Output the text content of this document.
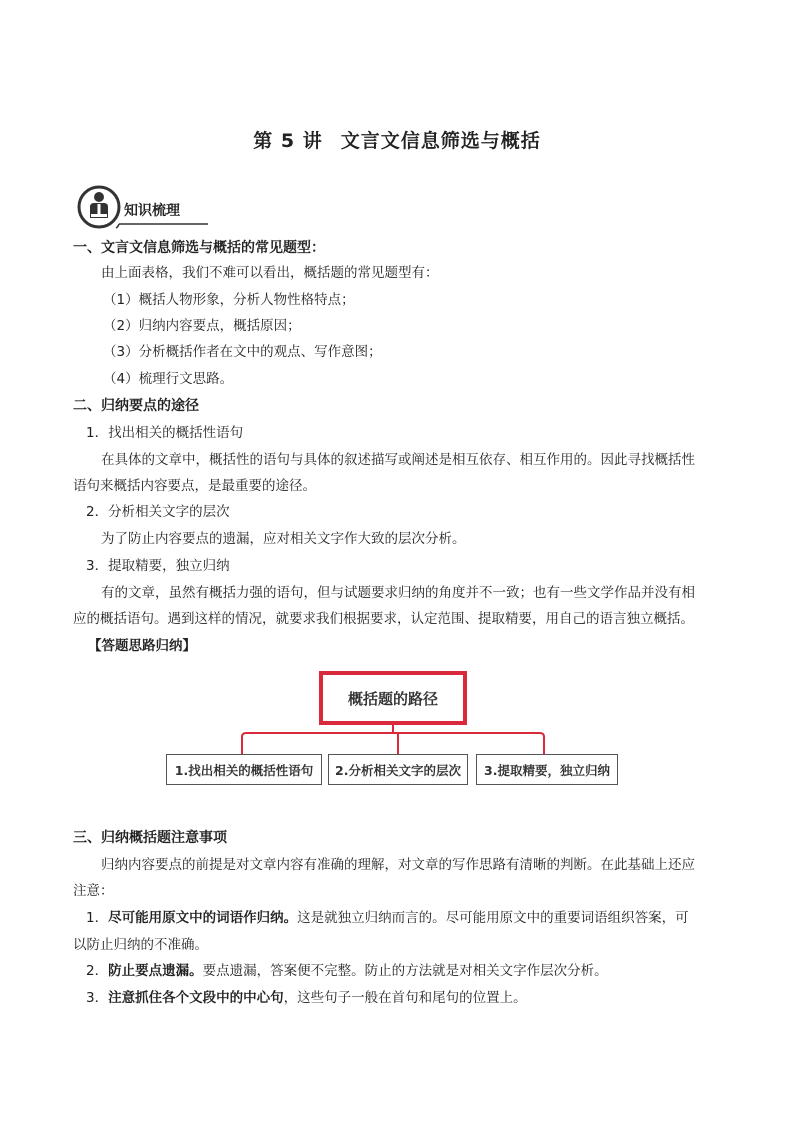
第 5 讲 文言文信息筛选与概括
知识梳理
一、文言文信息筛选与概括的常见题型：
由上面表格，我们不难可以看出，概括题的常见题型有：
（1）概括人物形象，分析人物性格特点；
（2）归纳内容要点，概括原因；
（3）分析概括作者在文中的观点、写作意图；
（4）梳理行文思路。
二、归纳要点的途径
1．找出相关的概括性语句
在具体的文章中，概括性的语句与具体的叙述描写或阐述是相互依存、相互作用的。因此寻找概括性
语句来概括内容要点，是最重要的途径。
2．分析相关文字的层次
为了防止内容要点的遗漏，应对相关文字作大致的层次分析。
3．提取精要，独立归纳
有的文章，虽然有概括力强的语句，但与试题要求归纳的角度并不一致；也有一些文学作品并没有相
应的概括语句。遇到这样的情况，就要求我们根据要求，认定范围、提取精要，用自己的语言独立概括。
【答题思路归纳】
概括题的路径
1.找出相关的概括性语句	2.分析相关文字的层次	3.提取精要，独立归纳
三、归纳概括题注意事项
归纳内容要点的前提是对文章内容有准确的理解，对文章的写作思路有清晰的判断。在此基础上还应
注意：
1．尽可能用原文中的词语作归纳。这是就独立归纳而言的。尽可能用原文中的重要词语组织答案，可
以防止归纳的不准确。
2．防止要点遗漏。要点遗漏，答案便不完整。防止的方法就是对相关文字作层次分析。
3．注意抓住各个文段中的中心句，这些句子一般在首句和尾句的位置上。
